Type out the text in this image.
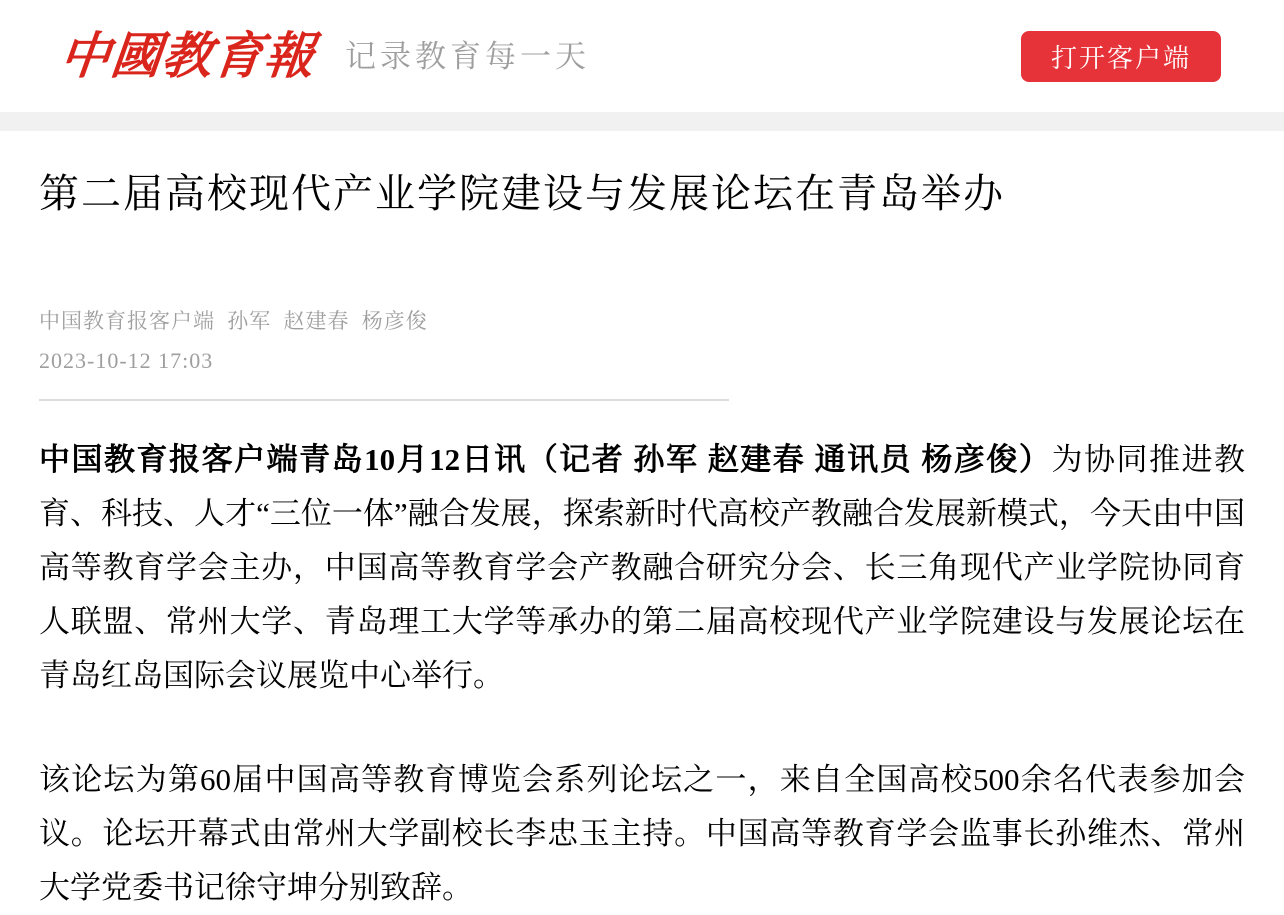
中國教育報 记录教育每一天	打开客户端
第二届高校现代产业学院建设与发展论坛在青岛举办
中国教育报客户端 孙军 赵建春 杨彦俊
2023-10-12 17:03

中国教育报客户端青岛10月12日讯（记者 孙军 赵建春 通讯员 杨彦俊）为协同推进教育、科技、人才“三位一体”融合发展，探索新时代高校产教融合发展新模式，今天由中国高等教育学会主办，中国高等教育学会产教融合研究分会、长三角现代产业学院协同育人联盟、常州大学、青岛理工大学等承办的第二届高校现代产业学院建设与发展论坛在青岛红岛国际会议展览中心举行。

该论坛为第60届中国高等教育博览会系列论坛之一，来自全国高校500余名代表参加会议。论坛开幕式由常州大学副校长李忠玉主持。中国高等教育学会监事长孙维杰、常州大学党委书记徐守坤分别致辞。
